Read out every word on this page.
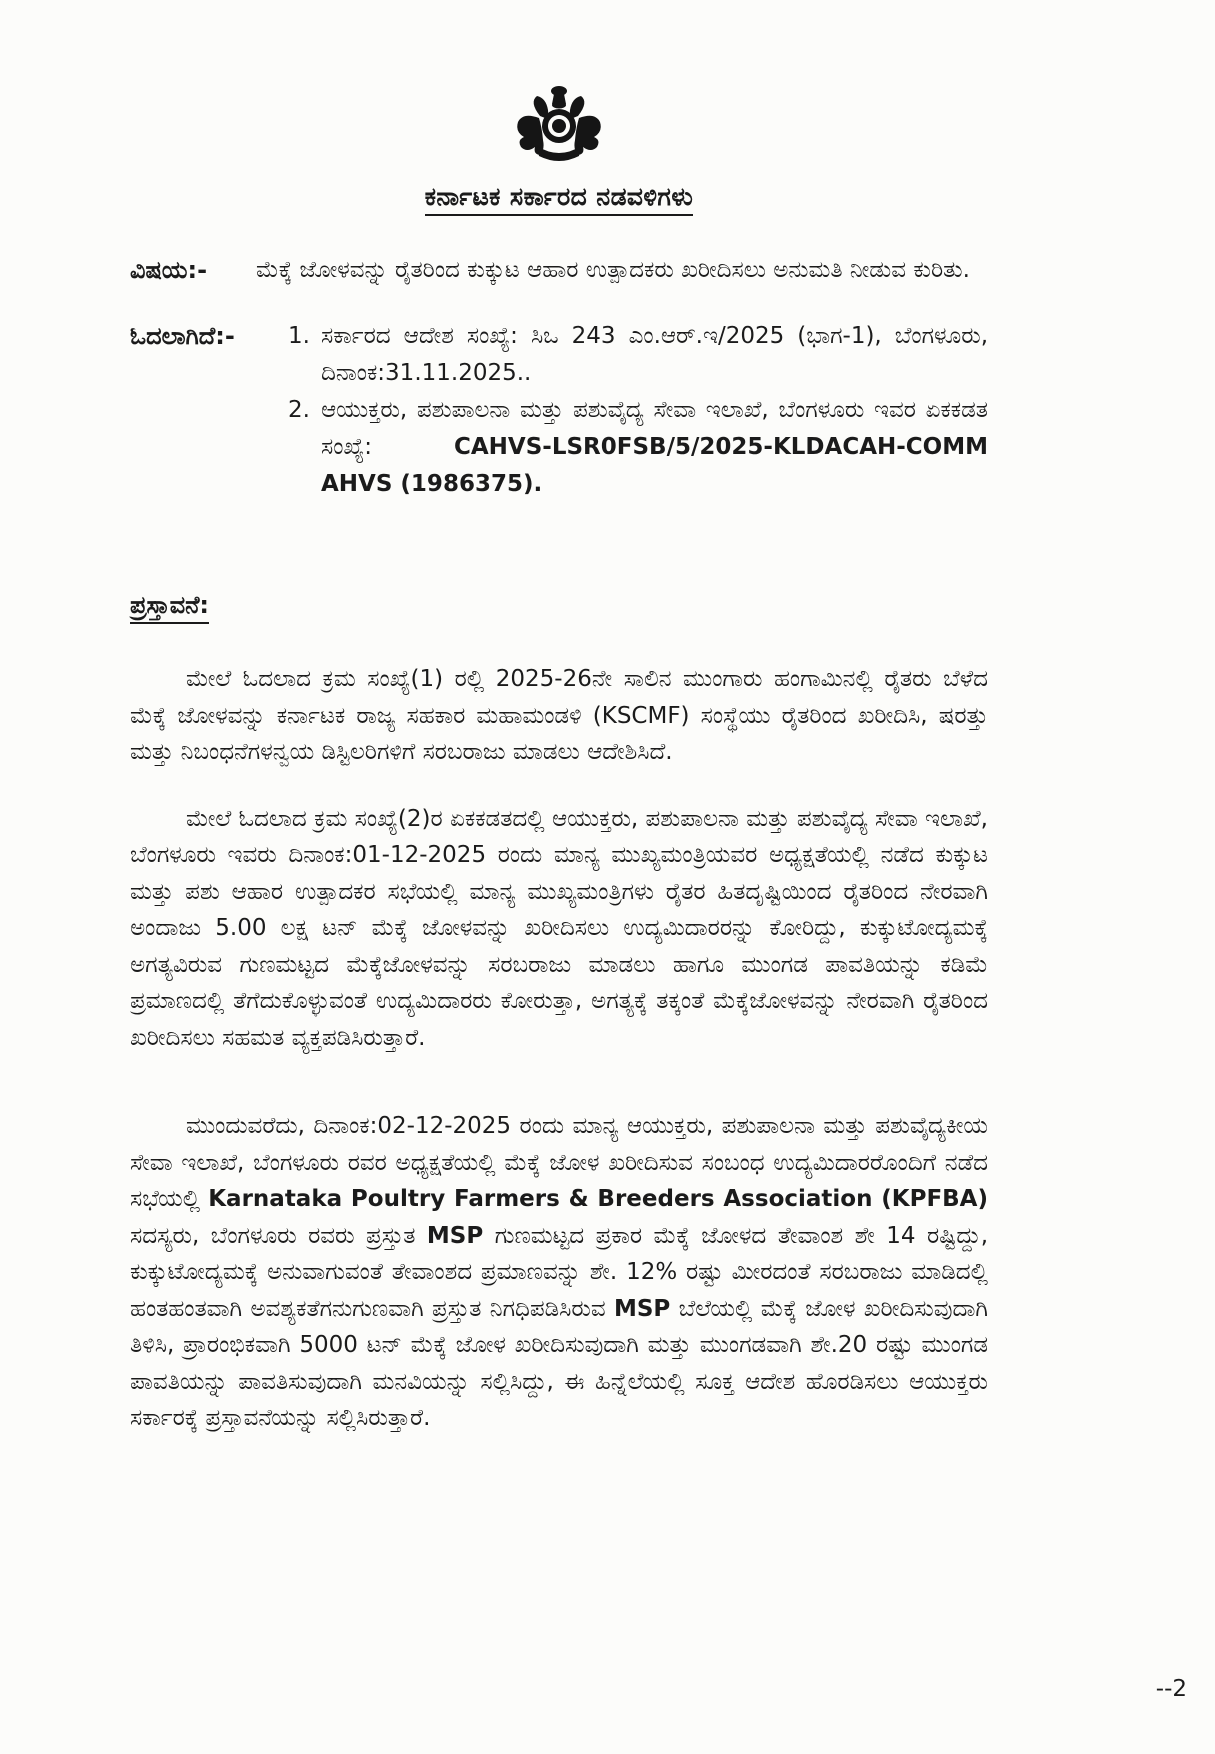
ಕರ್ನಾಟಕ ಸರ್ಕಾರದ ನಡವಳಿಗಳು
ವಿಷಯ:-	ಮೆಕ್ಕೆ ಜೋಳವನ್ನು ರೈತರಿಂದ ಕುಕ್ಕುಟ ಆಹಾರ ಉತ್ಪಾದಕರು ಖರೀದಿಸಲು ಅನುಮತಿ ನೀಡುವ ಕುರಿತು.
ಓದಲಾಗಿದೆ:-	1. ಸರ್ಕಾರದ ಆದೇಶ ಸಂಖ್ಯೆ: ಸಿಒ 243 ಎಂ.ಆರ್.ಇ/2025 (ಭಾಗ-1), ಬೆಂಗಳೂರು, ದಿನಾಂಕ:31.11.2025..
2. ಆಯುಕ್ತರು, ಪಶುಪಾಲನಾ ಮತ್ತು ಪಶುವೈದ್ಯ ಸೇವಾ ಇಲಾಖೆ, ಬೆಂಗಳೂರು ಇವರ ಏಕಕಡತ ಸಂಖ್ಯೆ: CAHVS-LSR0FSB/5/2025-KLDACAH-COMM AHVS (1986375).
ಪ್ರಸ್ತಾವನೆ:
ಮೇಲೆ ಓದಲಾದ ಕ್ರಮ ಸಂಖ್ಯೆ(1) ರಲ್ಲಿ 2025-26ನೇ ಸಾಲಿನ ಮುಂಗಾರು ಹಂಗಾಮಿನಲ್ಲಿ ರೈತರು ಬೆಳೆದ ಮೆಕ್ಕೆ ಜೋಳವನ್ನು ಕರ್ನಾಟಕ ರಾಜ್ಯ ಸಹಕಾರ ಮಹಾಮಂಡಳಿ (KSCMF) ಸಂಸ್ಥೆಯು ರೈತರಿಂದ ಖರೀದಿಸಿ, ಷರತ್ತು ಮತ್ತು ನಿಬಂಧನೆಗಳನ್ವಯ ಡಿಸ್ಟಿಲರಿಗಳಿಗೆ ಸರಬರಾಜು ಮಾಡಲು ಆದೇಶಿಸಿದೆ.
ಮೇಲೆ ಓದಲಾದ ಕ್ರಮ ಸಂಖ್ಯೆ(2)ರ ಏಕಕಡತದಲ್ಲಿ ಆಯುಕ್ತರು, ಪಶುಪಾಲನಾ ಮತ್ತು ಪಶುವೈದ್ಯ ಸೇವಾ ಇಲಾಖೆ, ಬೆಂಗಳೂರು ಇವರು ದಿನಾಂಕ:01-12-2025 ರಂದು ಮಾನ್ಯ ಮುಖ್ಯಮಂತ್ರಿಯವರ ಅಧ್ಯಕ್ಷತೆಯಲ್ಲಿ ನಡೆದ ಕುಕ್ಕುಟ ಮತ್ತು ಪಶು ಆಹಾರ ಉತ್ಪಾದಕರ ಸಭೆಯಲ್ಲಿ ಮಾನ್ಯ ಮುಖ್ಯಮಂತ್ರಿಗಳು ರೈತರ ಹಿತದೃಷ್ಟಿಯಿಂದ ರೈತರಿಂದ ನೇರವಾಗಿ ಅಂದಾಜು 5.00 ಲಕ್ಷ ಟನ್ ಮೆಕ್ಕೆ ಜೋಳವನ್ನು ಖರೀದಿಸಲು ಉದ್ಯಮಿದಾರರನ್ನು ಕೋರಿದ್ದು, ಕುಕ್ಕುಟೋದ್ಯಮಕ್ಕೆ ಅಗತ್ಯವಿರುವ ಗುಣಮಟ್ಟದ ಮೆಕ್ಕೆಜೋಳವನ್ನು ಸರಬರಾಜು ಮಾಡಲು ಹಾಗೂ ಮುಂಗಡ ಪಾವತಿಯನ್ನು ಕಡಿಮೆ ಪ್ರಮಾಣದಲ್ಲಿ ತೆಗೆದುಕೊಳ್ಳುವಂತೆ ಉದ್ಯಮಿದಾರರು ಕೋರುತ್ತಾ, ಅಗತ್ಯಕ್ಕೆ ತಕ್ಕಂತೆ ಮೆಕ್ಕೆಜೋಳವನ್ನು ನೇರವಾಗಿ ರೈತರಿಂದ ಖರೀದಿಸಲು ಸಹಮತ ವ್ಯಕ್ತಪಡಿಸಿರುತ್ತಾರೆ.
ಮುಂದುವರೆದು, ದಿನಾಂಕ:02-12-2025 ರಂದು ಮಾನ್ಯ ಆಯುಕ್ತರು, ಪಶುಪಾಲನಾ ಮತ್ತು ಪಶುವೈದ್ಯಕೀಯ ಸೇವಾ ಇಲಾಖೆ, ಬೆಂಗಳೂರು ರವರ ಅಧ್ಯಕ್ಷತೆಯಲ್ಲಿ ಮೆಕ್ಕೆ ಜೋಳ ಖರೀದಿಸುವ ಸಂಬಂಧ ಉದ್ಯಮಿದಾರರೊಂದಿಗೆ ನಡೆದ ಸಭೆಯಲ್ಲಿ Karnataka Poultry Farmers & Breeders Association (KPFBA) ಸದಸ್ಯರು, ಬೆಂಗಳೂರು ರವರು ಪ್ರಸ್ತುತ MSP ಗುಣಮಟ್ಟದ ಪ್ರಕಾರ ಮೆಕ್ಕೆ ಜೋಳದ ತೇವಾಂಶ ಶೇ 14 ರಷ್ಟಿದ್ದು, ಕುಕ್ಕುಟೋದ್ಯಮಕ್ಕೆ ಅನುವಾಗುವಂತೆ ತೇವಾಂಶದ ಪ್ರಮಾಣವನ್ನು ಶೇ. 12% ರಷ್ಟು ಮೀರದಂತೆ ಸರಬರಾಜು ಮಾಡಿದಲ್ಲಿ ಹಂತಹಂತವಾಗಿ ಅವಶ್ಯಕತೆಗನುಗುಣವಾಗಿ ಪ್ರಸ್ತುತ ನಿಗಧಿಪಡಿಸಿರುವ MSP ಬೆಲೆಯಲ್ಲಿ ಮೆಕ್ಕೆ ಜೋಳ ಖರೀದಿಸುವುದಾಗಿ ತಿಳಿಸಿ, ಪ್ರಾರಂಭಿಕವಾಗಿ 5000 ಟನ್ ಮೆಕ್ಕೆ ಜೋಳ ಖರೀದಿಸುವುದಾಗಿ ಮತ್ತು ಮುಂಗಡವಾಗಿ ಶೇ.20 ರಷ್ಟು ಮುಂಗಡ ಪಾವತಿಯನ್ನು ಪಾವತಿಸುವುದಾಗಿ ಮನವಿಯನ್ನು ಸಲ್ಲಿಸಿದ್ದು, ಈ ಹಿನ್ನೆಲೆಯಲ್ಲಿ ಸೂಕ್ತ ಆದೇಶ ಹೊರಡಿಸಲು ಆಯುಕ್ತರು ಸರ್ಕಾರಕ್ಕೆ ಪ್ರಸ್ತಾವನೆಯನ್ನು ಸಲ್ಲಿಸಿರುತ್ತಾರೆ.
--2
